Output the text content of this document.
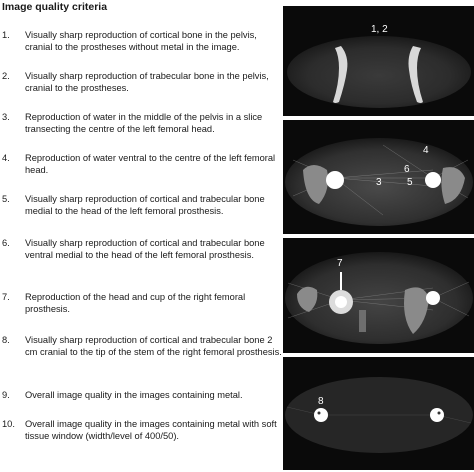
Image quality criteria
1. Visually sharp reproduction of cortical bone in the pelvis, cranial to the prostheses without metal in the image.
2. Visually sharp reproduction of trabecular bone in the pelvis, cranial to the prostheses.
3. Reproduction of water in the middle of the pelvis in a slice transecting the centre of the left femoral head.
4. Reproduction of water ventral to the centre of the left femoral head.
5. Visually sharp reproduction of cortical and trabecular bone medial to the head of the left femoral prosthesis.
6. Visually sharp reproduction of cortical and trabecular bone ventral medial to the head of the left femoral prosthesis.
7. Reproduction of the head and cup of the right femoral prosthesis.
8. Visually sharp reproduction of cortical and trabecular bone 2 cm cranial to the tip of the stem of the right femoral prosthesis.
9. Overall image quality in the images containing metal.
10. Overall image quality in the images containing metal with soft tissue window (width/level of 400/50).
1, 2
4
6
3	5
7
8
